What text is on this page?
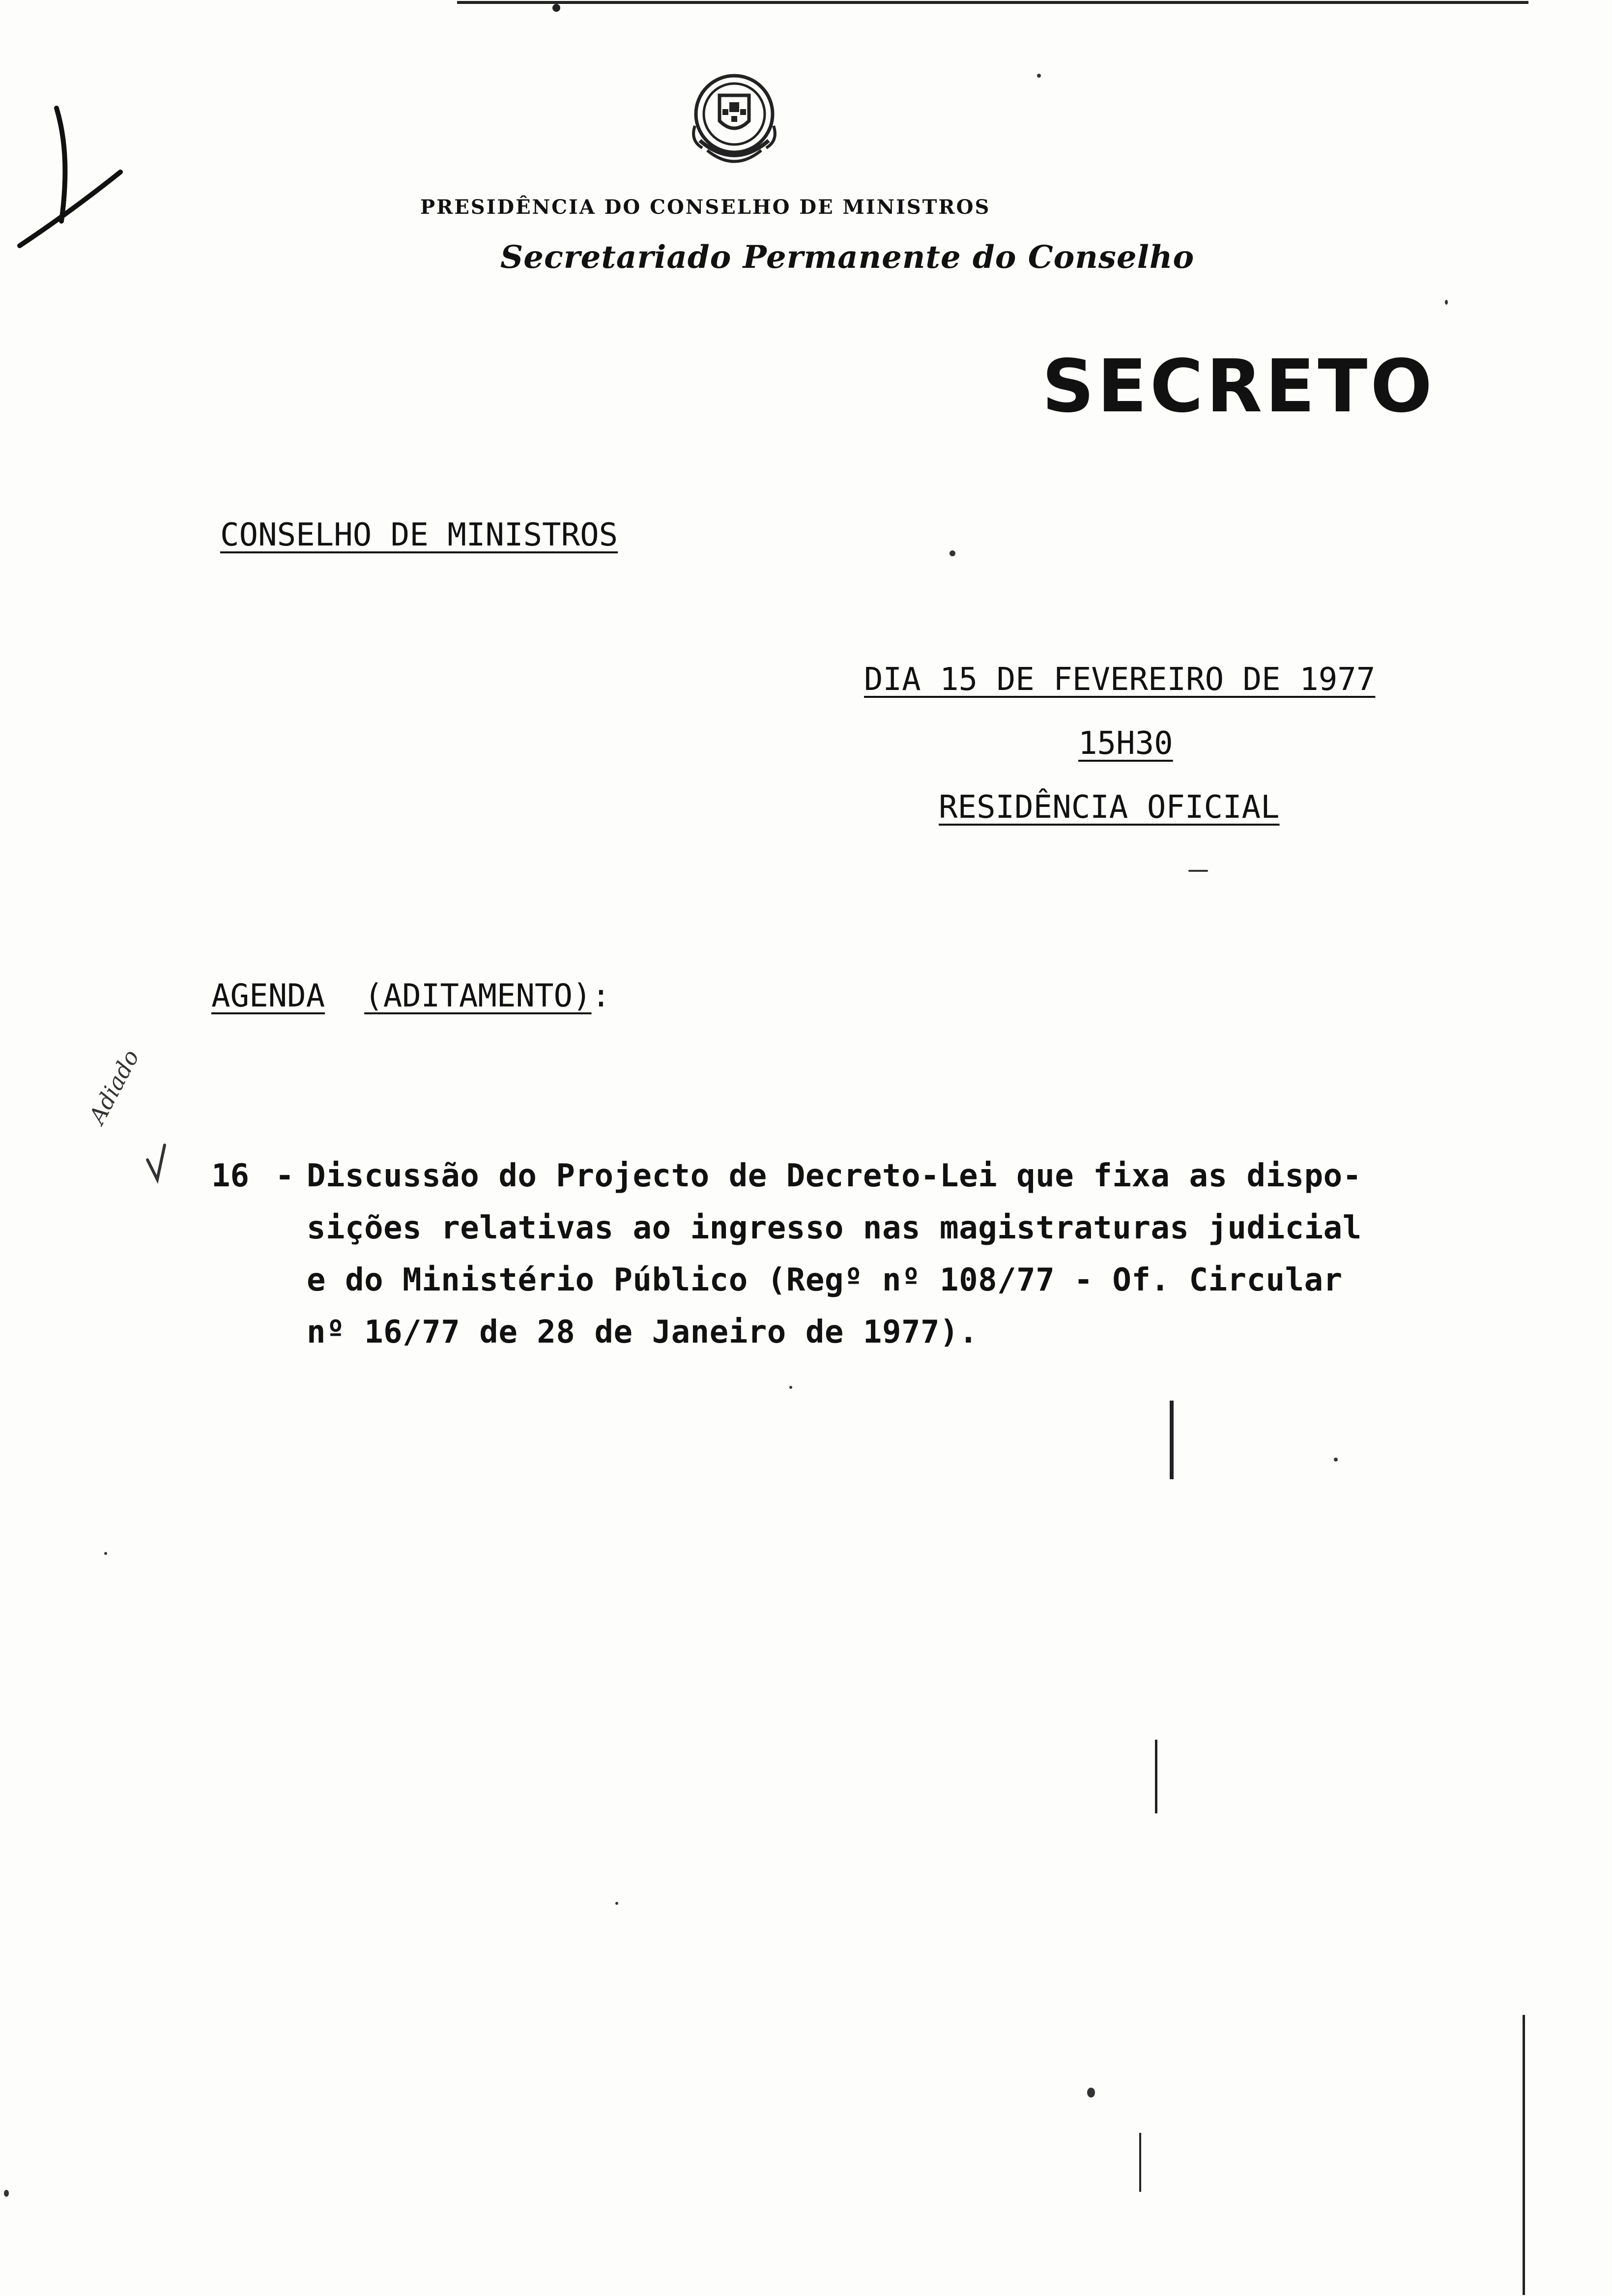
PRESIDÊNCIA DO CONSELHO DE MINISTROS
Secretariado Permanente do Conselho
SECRETO
CONSELHO DE MINISTROS
DIA 15 DE FEVEREIRO DE 1977
15H30
RESIDÊNCIA OFICIAL
AGENDA (ADITAMENTO):
Adiado
16 - Discussão do Projecto de Decreto-Lei que fixa as dispo-
sições relativas ao ingresso nas magistraturas judicial
e do Ministério Público (Regº nº 108/77 - Of. Circular
nº 16/77 de 28 de Janeiro de 1977).
